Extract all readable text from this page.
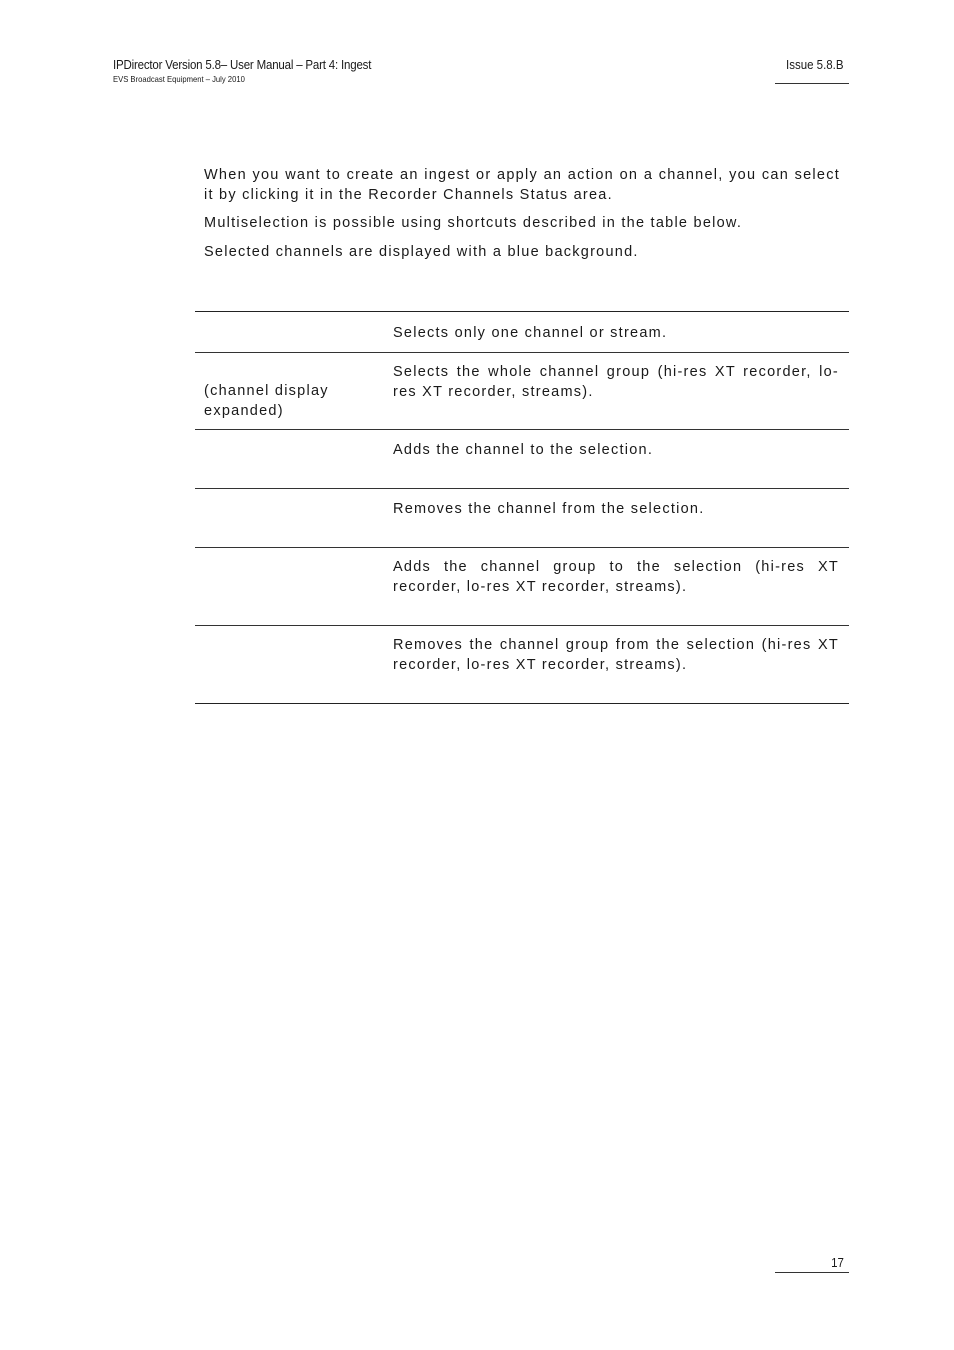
IPDirector Version 5.8– User Manual – Part 4: Ingest
EVS Broadcast Equipment – July 2010
Issue 5.8.B

When you want to create an ingest or apply an action on a channel, you can select it by clicking it in the Recorder Channels Status area.

Multiselection is possible using shortcuts described in the table below.

Selected channels are displayed with a blue background.

Selects only one channel or stream.
(channel display expanded)
Selects the whole channel group (hi-res XT recorder, lo-res XT recorder, streams).
Adds the channel to the selection.
Removes the channel from the selection.
Adds the channel group to the selection (hi-res XT recorder, lo-res XT recorder, streams).
Removes the channel group from the selection (hi-res XT recorder, lo-res XT recorder, streams).
17
